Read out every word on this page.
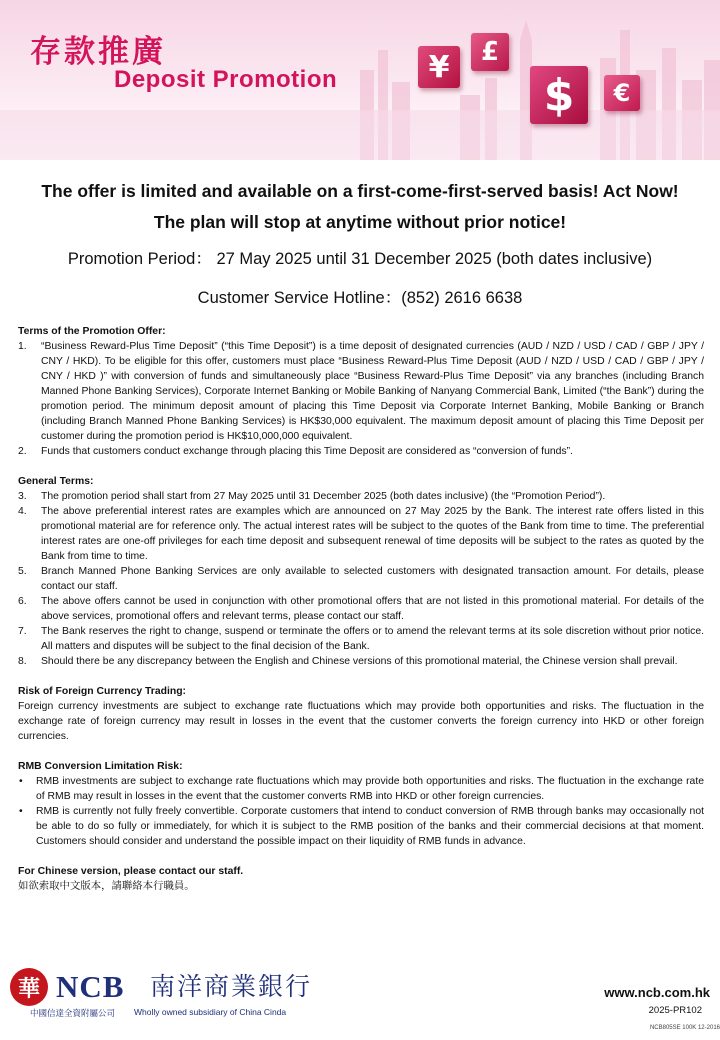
存款推廣
Deposit Promotion	¥	£
$	€
The offer is limited and available on a first-come-first-served basis! Act Now!
The plan will stop at anytime without prior notice!
Promotion Period： 27 May 2025 until 31 December 2025 (both dates inclusive)
Customer Service Hotline：(852) 2616 6638
Terms of the Promotion Offer:
1.	“Business Reward-Plus Time Deposit” (“this Time Deposit”) is a time deposit of designated currencies (AUD / NZD / USD / CAD / GBP / JPY / CNY / HKD). To be eligible for this offer, customers must place “Business Reward-Plus Time Deposit (AUD / NZD / USD / CAD / GBP / JPY / CNY / HKD )” with conversion of funds and simultaneously place “Business Reward-Plus Time Deposit” via any branches (including Branch Manned Phone Banking Services), Corporate Internet Banking or Mobile Banking of Nanyang Commercial Bank, Limited (“the Bank”) during the promotion period. The minimum deposit amount of placing this Time Deposit via Corporate Internet Banking, Mobile Banking or Branch (including Branch Manned Phone Banking Services) is HK$30,000 equivalent. The maximum deposit amount of placing this Time Deposit per customer during the promotion period is HK$10,000,000 equivalent.
2.	Funds that customers conduct exchange through placing this Time Deposit are considered as “conversion of funds”.
General Terms:
3.	The promotion period shall start from 27 May 2025 until 31 December 2025 (both dates inclusive) (the “Promotion Period”).
4.	The above preferential interest rates are examples which are announced on 27 May 2025 by the Bank. The interest rate offers listed in this promotional material are for reference only. The actual interest rates will be subject to the quotes of the Bank from time to time. The preferential interest rates are one-off privileges for each time deposit and subsequent renewal of time deposits will be subject to the rates as quoted by the Bank from time to time.
5.	Branch Manned Phone Banking Services are only available to selected customers with designated transaction amount. For details, please contact our staff.
6.	The above offers cannot be used in conjunction with other promotional offers that are not listed in this promotional material. For details of the above services, promotional offers and relevant terms, please contact our staff.
7.	The Bank reserves the right to change, suspend or terminate the offers or to amend the relevant terms at its sole discretion without prior notice. All matters and disputes will be subject to the final decision of the Bank.
8.	Should there be any discrepancy between the English and Chinese versions of this promotional material, the Chinese version shall prevail.
Risk of Foreign Currency Trading:
Foreign currency investments are subject to exchange rate fluctuations which may provide both opportunities and risks. The fluctuation in the exchange rate of foreign currency may result in losses in the event that the customer converts the foreign currency into HKD or other foreign currencies.
RMB Conversion Limitation Risk:
•	RMB investments are subject to exchange rate fluctuations which may provide both opportunities and risks. The fluctuation in the exchange rate of RMB may result in losses in the event that the customer converts RMB into HKD or other foreign currencies.
•	RMB is currently not fully freely convertible. Corporate customers that intend to conduct conversion of RMB through banks may occasionally not be able to do so fully or immediately, for which it is subject to the RMB position of the banks and their commercial decisions at that moment. Customers should consider and understand the possible impact on their liquidity of RMB funds in advance.
For Chinese version, please contact our staff.
如欲索取中文版本，請聯絡本行職員。
華 NCB 南洋商業銀行
中國信達全資附屬公司 Wholly owned subsidiary of China Cinda
www.ncb.com.hk
2025-PR102
NCB805SE 100K 12-2016
